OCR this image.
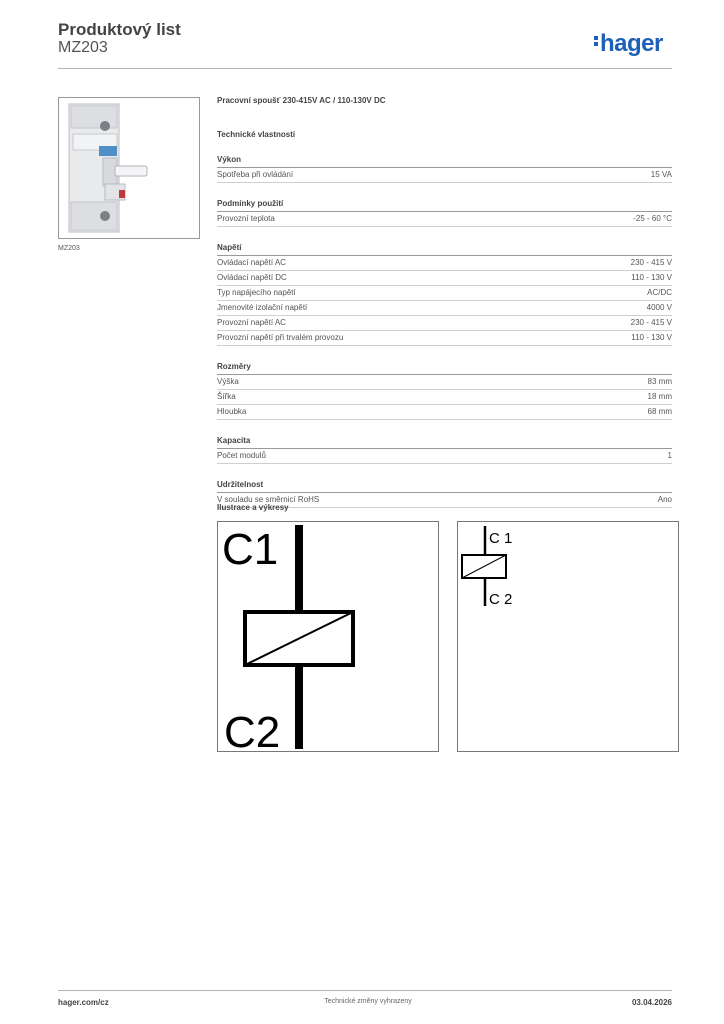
Produktový list
MZ203	hager
MZ203
Pracovní spoušť 230-415V AC / 110-130V DC
Technické vlastnosti
Výkon
Spotřeba při ovládání	15 VA
Podmínky použití
Provozní teplota	-25 - 60 °C
Napětí
Ovládací napětí AC	230 - 415 V
Ovládací napětí DC	110 - 130 V
Typ napájecího napětí	AC/DC
Jmenovité izolační napětí	4000 V
Provozní napětí AC	230 - 415 V
Provozní napětí při trvalém provozu	110 - 130 V
Rozměry
Výška	83 mm
Šířka	18 mm
Hloubka	68 mm
Kapacita
Počet modulů	1
Udržitelnost
V souladu se směrnicí RoHS	Ano
Ilustrace a výkresy
C1
C2
C 1
C 2
hager.com/cz	Technické změny vyhrazeny	03.04.2026
